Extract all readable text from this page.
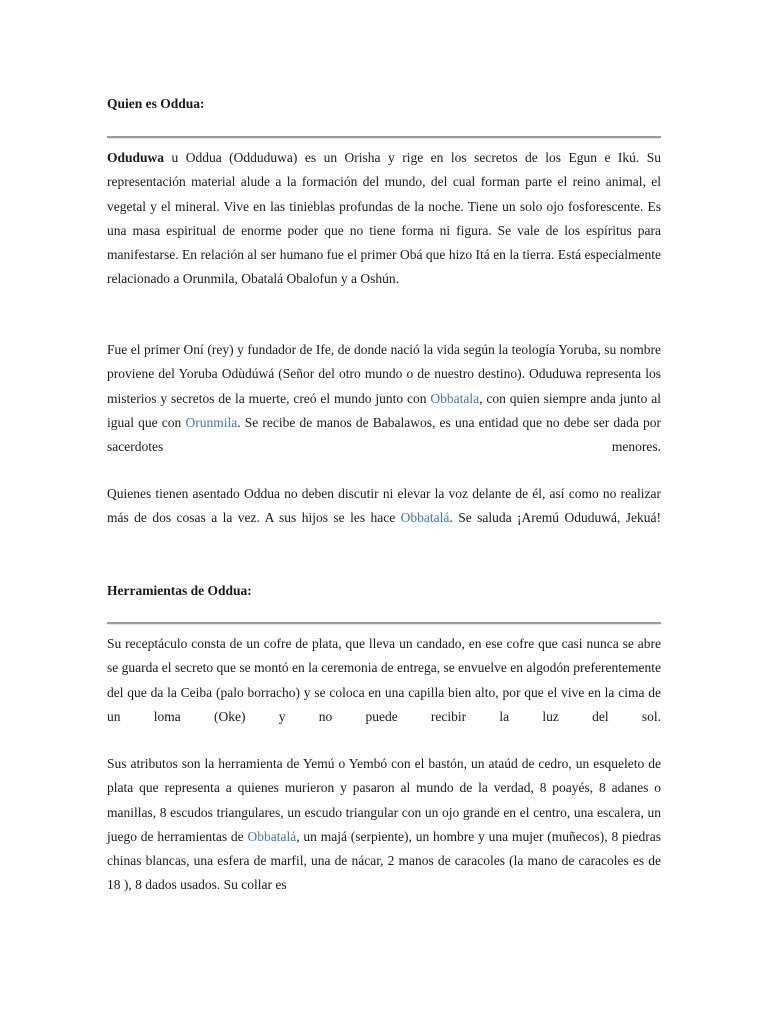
Quien es Oddua:

Oduduwa u Oddua (Odduduwa) es un Orisha y rige en los secretos de los Egun e Ikú. Su representación material alude a la formación del mundo, del cual forman parte el reino animal, el vegetal y el mineral. Vive en las tinieblas profundas de la noche. Tiene un solo ojo fosforescente. Es una masa espiritual de enorme poder que no tiene forma ni figura. Se vale de los espíritus para manifestarse. En relación al ser humano fue el primer Obá que hizo Itá en la tierra. Está especialmente relacionado a Orunmila, Obatalá Obalofun y a Oshún.

Fue el primer Oní (rey) y fundador de Ife, de donde nació la vida según la teología Yoruba, su nombre proviene del Yoruba Odùdúwá (Señor del otro mundo o de nuestro destino). Oduduwa representa los misterios y secretos de la muerte, creó el mundo junto con Obbatala, con quien siempre anda junto al igual que con Orunmila. Se recibe de manos de Babalawos, es una entidad que no debe ser dada por sacerdotes menores.

Quienes tienen asentado Oddua no deben discutir ni elevar la voz delante de él, así como no realizar más de dos cosas a la vez. A sus hijos se les hace Obbatalá. Se saluda ¡Aremú Oduduwá, Jekuá!

Herramientas de Oddua:

Su receptáculo consta de un cofre de plata, que lleva un candado, en ese cofre que casi nunca se abre se guarda el secreto que se montó en la ceremonia de entrega, se envuelve en algodón preferentemente del que da la Ceiba (palo borracho) y se coloca en una capilla bien alto, por que el vive en la cima de un loma (Oke) y no puede recibir la luz del sol.

Sus atributos son la herramienta de Yemú o Yembó con el bastón, un ataúd de cedro, un esqueleto de plata que representa a quienes murieron y pasaron al mundo de la verdad, 8 poayés, 8 adanes o manillas, 8 escudos triangulares, un escudo triangular con un ojo grande en el centro, una escalera, un juego de herramientas de Obbatalá, un majá (serpiente), un hombre y una mujer (muñecos), 8 piedras chinas blancas, una esfera de marfil, una de nácar, 2 manos de caracoles (la mano de caracoles es de 18 ), 8 dados usados. Su collar es
